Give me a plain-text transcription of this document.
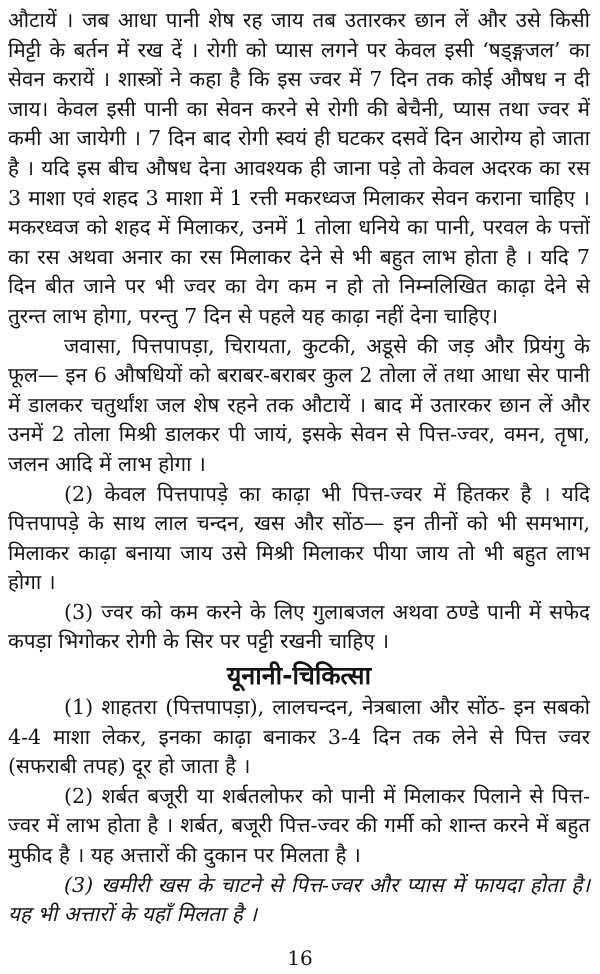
औटायें । जब आधा पानी शेष रह जाय तब उतारकर छान लें और उसे किसी मिट्टी के बर्तन में रख दें । रोगी को प्यास लगने पर केवल इसी ‘षड्ङ्गजल’ का सेवन करायें । शास्त्रों ने कहा है कि इस ज्वर में 7 दिन तक कोई औषध न दी जाय। केवल इसी पानी का सेवन करने से रोगी की बेचैनी, प्यास तथा ज्वर में कमी आ जायेगी । 7 दिन बाद रोगी स्वयं ही घटकर दसवें दिन आरोग्य हो जाता है । यदि इस बीच औषध देना आवश्यक ही जाना पड़े तो केवल अदरक का रस 3 माशा एवं शहद 3 माशा में 1 रत्ती मकरध्वज मिलाकर सेवन कराना चाहिए । मकरध्वज को शहद में मिलाकर, उनमें 1 तोला धनिये का पानी, परवल के पत्तों का रस अथवा अनार का रस मिलाकर देने से भी बहुत लाभ होता है । यदि 7 दिन बीत जाने पर भी ज्वर का वेग कम न हो तो निम्नलिखित काढ़ा देने से तुरन्त लाभ होगा, परन्तु 7 दिन से पहले यह काढ़ा नहीं देना चाहिए।

जवासा, पित्तपापड़ा, चिरायता, कुटकी, अडूसे की जड़ और प्रियंगु के फूल— इन 6 औषधियों को बराबर-बराबर कुल 2 तोला लें तथा आधा सेर पानी में डालकर चतुर्थांश जल शेष रहने तक औटायें । बाद में उतारकर छान लें और उनमें 2 तोला मिश्री डालकर पी जायं, इसके सेवन से पित्त-ज्वर, वमन, तृषा, जलन आदि में लाभ होगा ।

(2) केवल पित्तपापड़े का काढ़ा भी पित्त-ज्वर में हितकर है । यदि पित्तपापड़े के साथ लाल चन्दन, खस और सोंठ— इन तीनों को भी समभाग, मिलाकर काढ़ा बनाया जाय उसे मिश्री मिलाकर पीया जाय तो भी बहुत लाभ होगा ।

(3) ज्वर को कम करने के लिए गुलाबजल अथवा ठण्डे पानी में सफेद कपड़ा भिगोकर रोगी के सिर पर पट्टी रखनी चाहिए ।

यूनानी-चिकित्सा

(1) शाहतरा (पित्तपापड़ा), लालचन्दन, नेत्रबाला और सोंठ- इन सबको 4-4 माशा लेकर, इनका काढ़ा बनाकर 3-4 दिन तक लेने से पित्त ज्वर (सफराबी तपह) दूर हो जाता है ।

(2) शर्बत बजूरी या शर्बतलोफर को पानी में मिलाकर पिलाने से पित्त-ज्वर में लाभ होता है । शर्बत, बजूरी पित्त-ज्वर की गर्मी को शान्त करने में बहुत मुफीद है । यह अत्तारों की दुकान पर मिलता है ।

(3) खमीरी खस के चाटने से पित्त-ज्वर और प्यास में फायदा होता है। यह भी अत्तारों के यहाँ मिलता है ।

16
